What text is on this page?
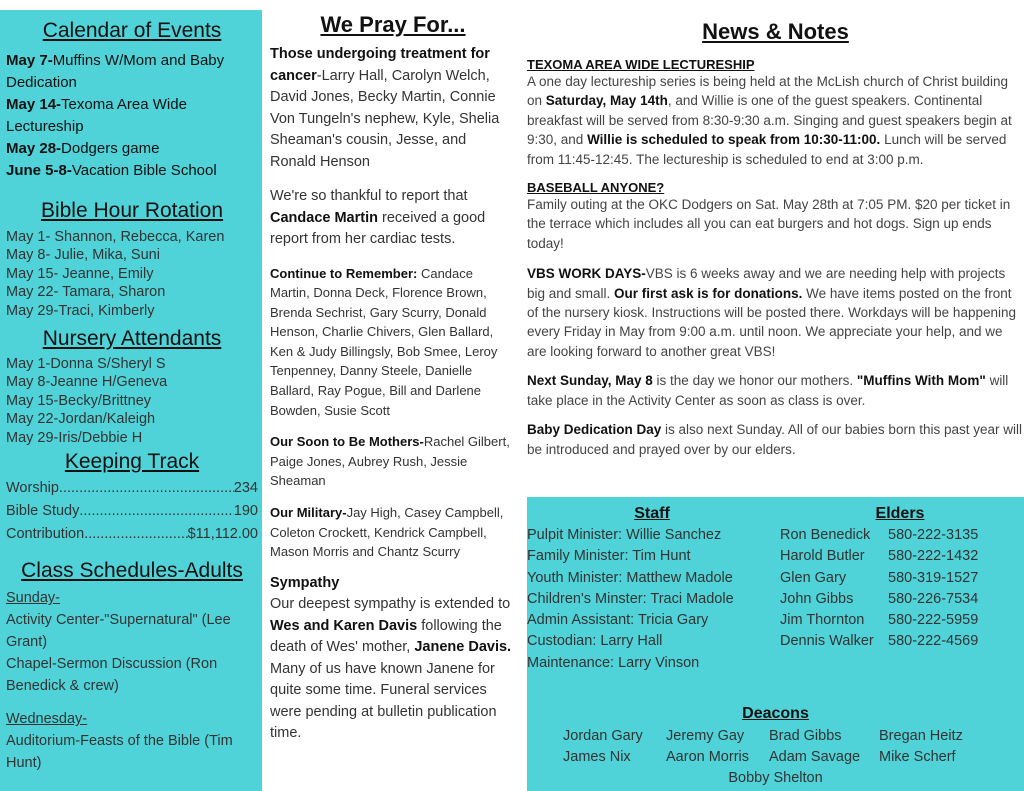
Calendar of Events

May 7-Muffins W/Mom and Baby Dedication

May 14-Texoma Area Wide Lectureship

May 28-Dodgers game

June 5-8-Vacation Bible School

Bible Hour Rotation
May 1- Shannon, Rebecca, Karen
May 8- Julie, Mika, Suni
May 15- Jeanne, Emily
May 22- Tamara, Sharon
May 29-Traci, Kimberly
Nursery Attendants
May 1-Donna S/Sheryl S
May 8-Jeanne H/Geneva
May 15-Becky/Brittney
May 22-Jordan/Kaleigh
May 29-Iris/Debbie H
Keeping Track
Worship .....	234
Bible Study .....	190
Contribution .....	$11,112.00
Class Schedules-Adults

Sunday-

Activity Center-"Supernatural" (Lee Grant)

Chapel-Sermon Discussion (Ron Benedick & crew)

Wednesday-

Auditorium-Feasts of the Bible (Tim Hunt)

We Pray For...

Those undergoing treatment for cancer-Larry Hall, Carolyn Welch, David Jones, Becky Martin, Connie Von Tungeln's nephew, Kyle, Shelia Sheaman's cousin, Jesse, and Ronald Henson

We're so thankful to report that Candace Martin received a good report from her cardiac tests.

Continue to Remember: Candace Martin, Donna Deck, Florence Brown, Brenda Sechrist, Gary Scurry, Donald Henson, Charlie Chivers, Glen Ballard, Ken & Judy Billingsly, Bob Smee, Leroy Tenpenney, Danny Steele, Danielle Ballard, Ray Pogue, Bill and Darlene Bowden, Susie Scott

Our Soon to Be Mothers-Rachel Gilbert, Paige Jones, Aubrey Rush, Jessie Sheaman

Our Military-Jay High, Casey Campbell, Coleton Crockett, Kendrick Campbell, Mason Morris and Chantz Scurry

Sympathy

Our deepest sympathy is extended to Wes and Karen Davis following the death of Wes' mother, Janene Davis. Many of us have known Janene for quite some time. Funeral services were pending at bulletin publication time.

News & Notes
TEXOMA AREA WIDE LECTURESHIP

A one day lectureship series is being held at the McLish church of Christ building on Saturday, May 14th, and Willie is one of the guest speakers. Continental breakfast will be served from 8:30-9:30 a.m. Singing and guest speakers begin at 9:30, and Willie is scheduled to speak from 10:30-11:00. Lunch will be served from 11:45-12:45. The lectureship is scheduled to end at 3:00 p.m.

BASEBALL ANYONE?

Family outing at the OKC Dodgers on Sat. May 28th at 7:05 PM. $20 per ticket in the terrace which includes all you can eat burgers and hot dogs. Sign up ends today!

VBS WORK DAYS-VBS is 6 weeks away and we are needing help with projects big and small. Our first ask is for donations. We have items posted on the front of the nursery kiosk. Instructions will be posted there. Workdays will be happening every Friday in May from 9:00 a.m. until noon. We appreciate your help, and we are looking forward to another great VBS!

Next Sunday, May 8 is the day we honor our mothers. "Muffins With Mom" will take place in the Activity Center as soon as class is over.

Baby Dedication Day is also next Sunday. All of our babies born this past year will be introduced and prayed over by our elders.

Staff
Pulpit Minister: Willie Sanchez
Family Minister: Tim Hunt
Youth Minister: Matthew Madole
Children's Minster: Traci Madole
Admin Assistant: Tricia Gary
Custodian: Larry Hall
Maintenance: Larry Vinson
Elders
Ron Benedick 580-222-3135
Harold Butler 580-222-1432
Glen Gary	580-319-1527
John Gibbs 580-226-7534
Jim Thornton 580-222-5959
Dennis Walker 580-222-4569
Deacons
Jordan Gary	Jeremy Gay	Brad Gibbs	Bregan Heitz
James Nix	Aaron Morris	Adam Savage	Mike Scherf
Bobby Shelton
